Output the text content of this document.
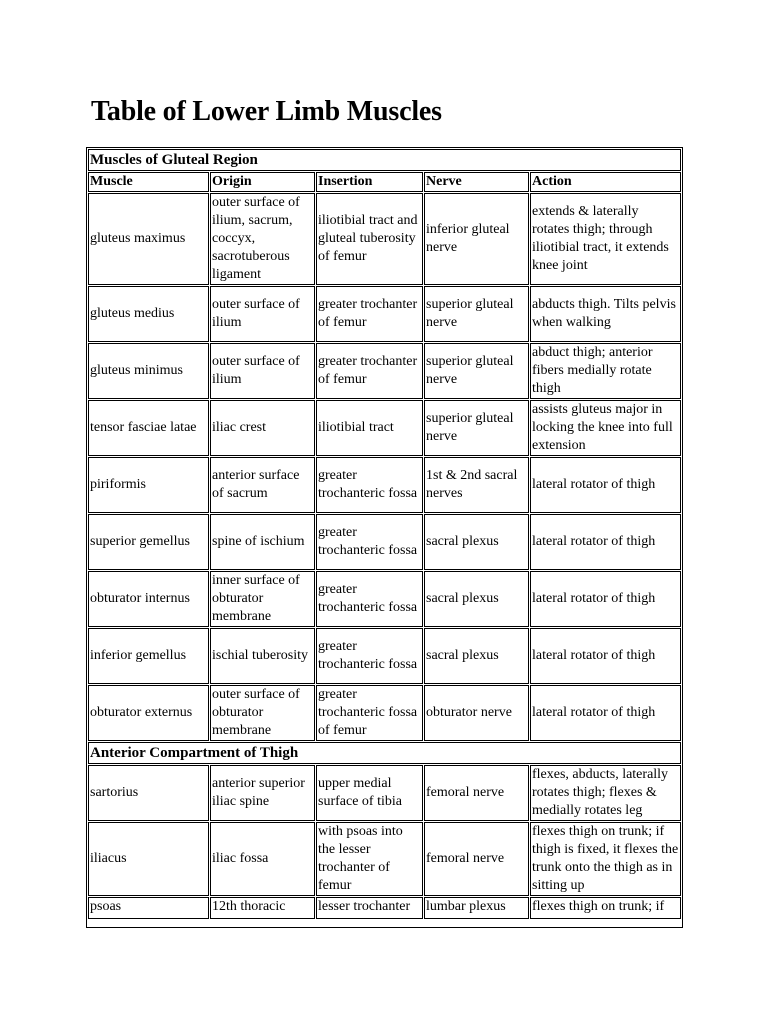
Table of Lower Limb Muscles
Muscles of Gluteal Region				
Muscle	Origin	Insertion	Nerve	Action
gluteus maximus	outer surface of ilium, sacrum, coccyx, sacrotuberous ligament	iliotibial tract and gluteal tuberosity of femur	inferior gluteal nerve	extends & laterally rotates thigh; through iliotibial tract, it extends knee joint
gluteus medius	outer surface of ilium	greater trochanter of femur	superior gluteal nerve	abducts thigh. Tilts pelvis when walking
gluteus minimus	outer surface of ilium	greater trochanter of femur	superior gluteal nerve	abduct thigh; anterior fibers medially rotate thigh
tensor fasciae latae	iliac crest	iliotibial tract	superior gluteal nerve	assists gluteus major in locking the knee into full extension
piriformis	anterior surface of sacrum	greater trochanteric fossa	1st & 2nd sacral nerves	lateral rotator of thigh
superior gemellus	spine of ischium	greater trochanteric fossa	sacral plexus	lateral rotator of thigh
obturator internus	inner surface of obturator membrane	greater trochanteric fossa	sacral plexus	lateral rotator of thigh
inferior gemellus	ischial tuberosity	greater trochanteric fossa	sacral plexus	lateral rotator of thigh
obturator externus	outer surface of obturator membrane	greater trochanteric fossa of femur	obturator nerve	lateral rotator of thigh
Anterior Compartment of Thigh				
sartorius	anterior superior iliac spine	upper medial surface of tibia	femoral nerve	flexes, abducts, laterally rotates thigh; flexes & medially rotates leg
iliacus	iliac fossa	with psoas into the lesser trochanter of femur	femoral nerve	flexes thigh on trunk; if thigh is fixed, it flexes the trunk onto the thigh as in sitting up
psoas	12th thoracic	lesser trochanter	lumbar plexus	flexes thigh on trunk; if
